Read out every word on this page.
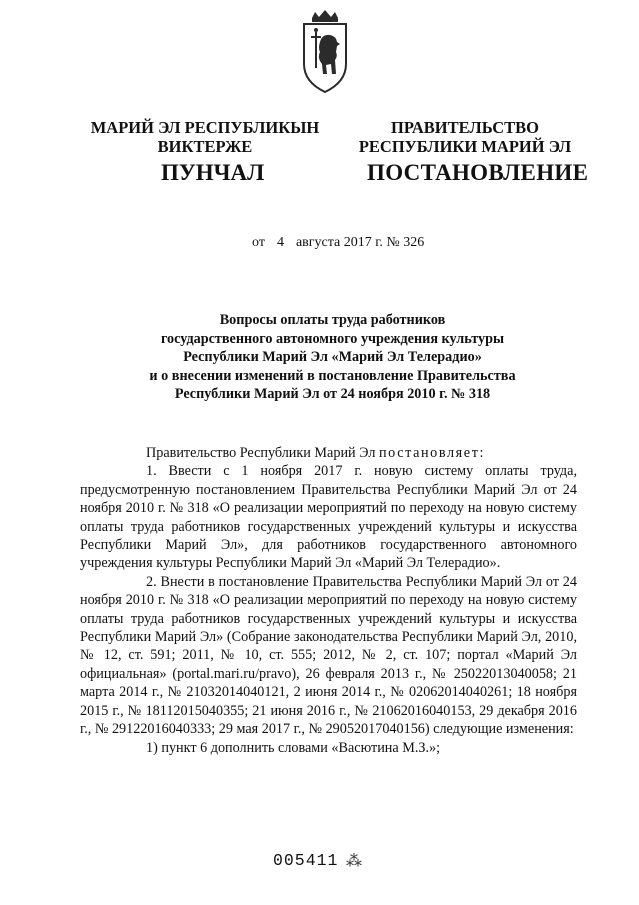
МАРИЙ ЭЛ РЕСПУБЛИКЫН
ВИКТЕРЖЕ
ПРАВИТЕЛЬСТВО
РЕСПУБЛИКИ МАРИЙ ЭЛ
ПУНЧАЛ	ПОСТАНОВЛЕНИЕ
от 4 августа 2017 г. № 326
Вопросы оплаты труда работников
государственного автономного учреждения культуры
Республики Марий Эл «Марий Эл Телерадио»
и о внесении изменений в постановление Правительства
Республики Марий Эл от 24 ноября 2010 г. № 318

Правительство Республики Марий Эл постановляет:

1. Ввести с 1 ноября 2017 г. новую систему оплаты труда, предусмотренную постановлением Правительства Республики Марий Эл от 24 ноября 2010 г. № 318 «О реализации мероприятий по переходу на новую систему оплаты труда работников государственных учреждений культуры и искусства Республики Марий Эл», для работников государственного автономного учреждения культуры Республики Марий Эл «Марий Эл Телерадио».

2. Внести в постановление Правительства Республики Марий Эл от 24 ноября 2010 г. № 318 «О реализации мероприятий по переходу на новую систему оплаты труда работников государственных учреждений культуры и искусства Республики Марий Эл» (Собрание законодательства Республики Марий Эл, 2010, № 12, ст. 591; 2011, № 10, ст. 555; 2012, № 2, ст. 107; портал «Марий Эл официальная» (portal.mari.ru/pravo), 26 февраля 2013 г., № 25022013040058; 21 марта 2014 г., № 21032014040121, 2 июня 2014 г., № 02062014040261; 18 ноября 2015 г., № 18112015040355; 21 июня 2016 г., № 21062016040153, 29 декабря 2016 г., № 29122016040333; 29 мая 2017 г., № 29052017040156) следующие изменения:

1) пункт 6 дополнить словами «Васютина М.З.»;

005411 ⁂
